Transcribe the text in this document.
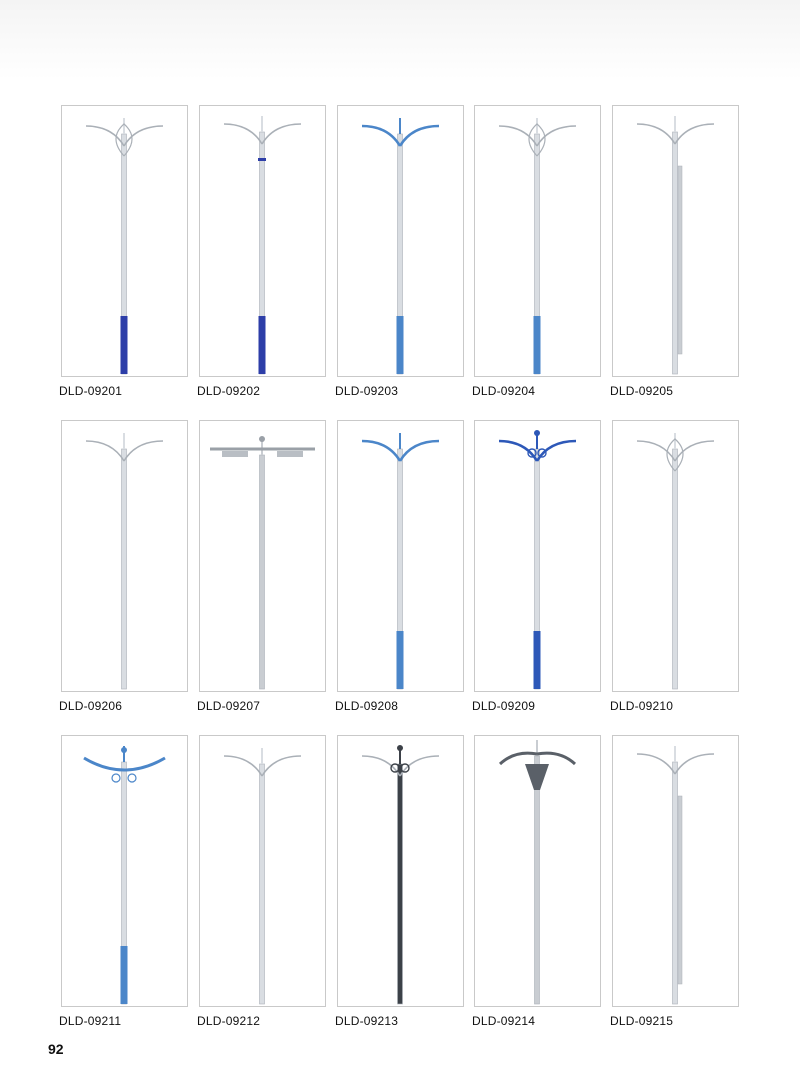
DLD-09201	DLD-09202	DLD-09203	DLD-09204	DLD-09205
DLD-09206	DLD-09207	DLD-09208	DLD-09209	DLD-09210
DLD-09211	DLD-09212	DLD-09213	DLD-09214	DLD-09215
92
